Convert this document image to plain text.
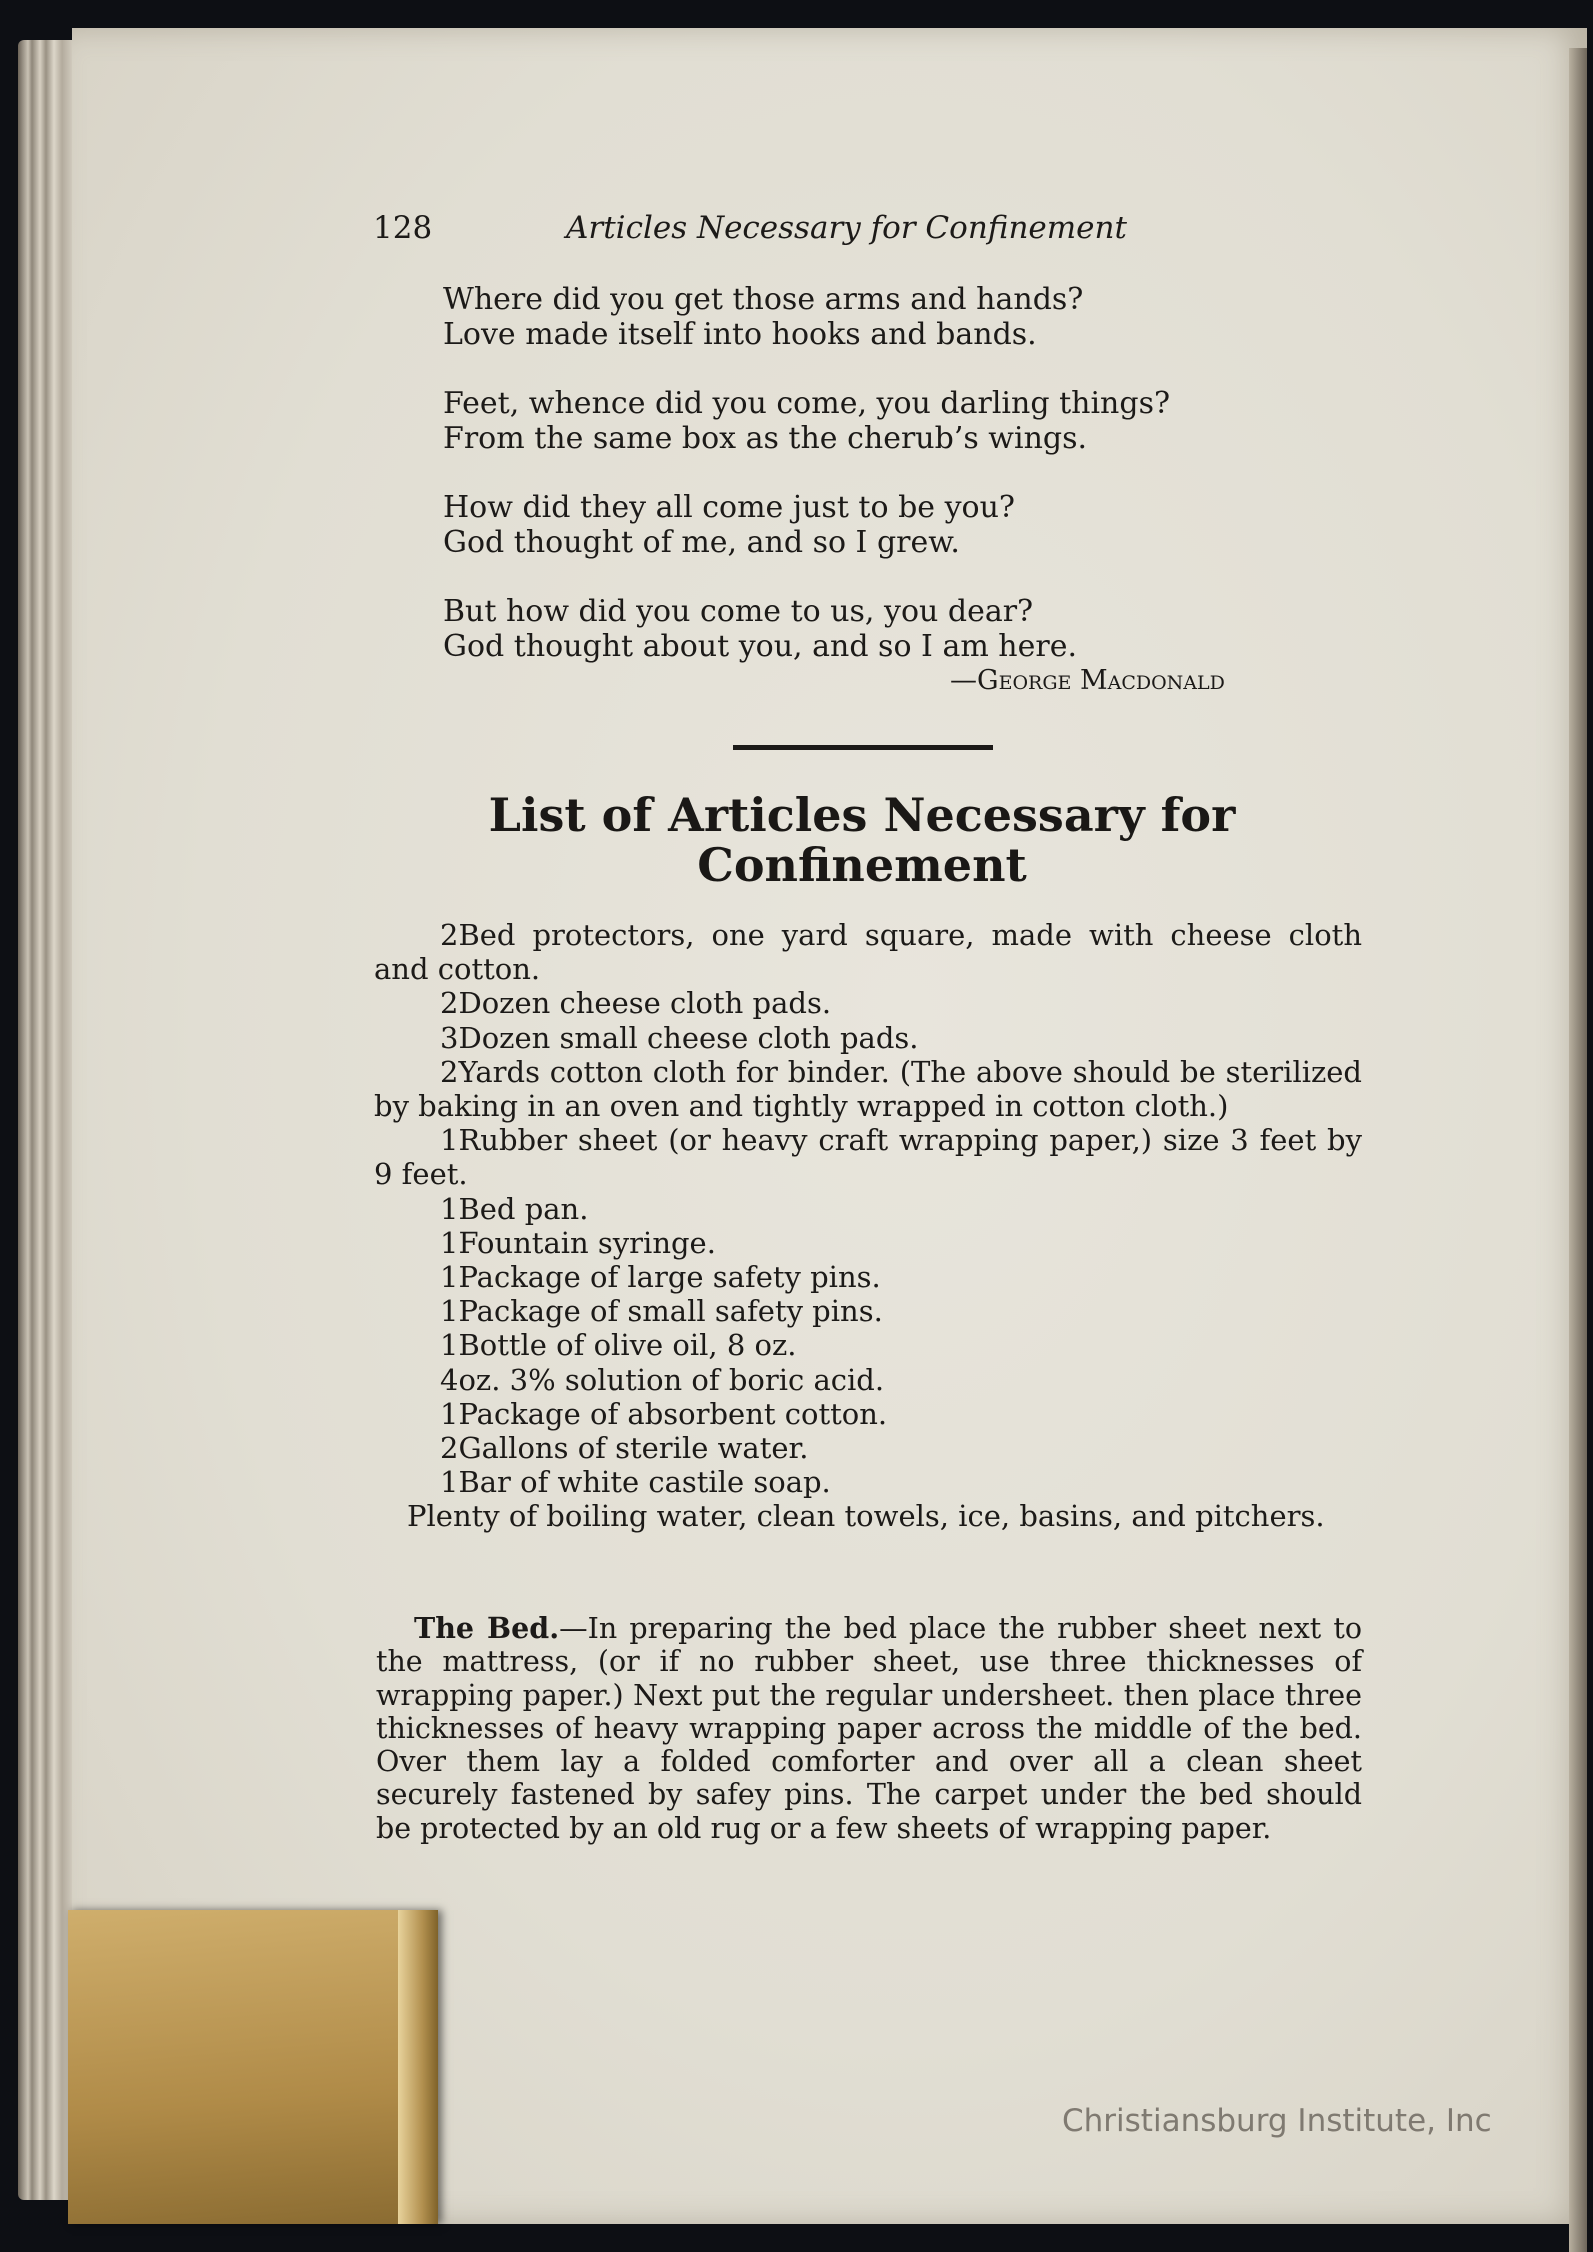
128	Articles Necessary for Confinement
Where did you get those arms and hands?
Love made itself into hooks and bands.
Feet, whence did you come, you darling things?
From the same box as the cherub’s wings.
How did they all come just to be you?
God thought of me, and so I grew.
But how did you come to us, you dear?
God thought about you, and so I am here.
—George Macdonald
List of Articles Necessary for
Confinement
2Bed protectors, one yard square, made with cheese cloth and cotton.
2Dozen cheese cloth pads.
3Dozen small cheese cloth pads.
2Yards cotton cloth for binder. (The above should be sterilized by baking in an oven and tightly wrapped in cotton cloth.)
1Rubber sheet (or heavy craft wrapping paper,) size 3 feet by 9 feet.
1Bed pan.
1Fountain syringe.
1Package of large safety pins.
1Package of small safety pins.
1Bottle of olive oil, 8 oz.
4oz. 3% solution of boric acid.
1Package of absorbent cotton.
2Gallons of sterile water.
1Bar of white castile soap.
Plenty of boiling water, clean towels, ice, basins, and pitchers.
The Bed.—In preparing the bed place the rubber sheet next to the mattress, (or if no rubber sheet, use three thicknesses of wrapping paper.) Next put the regular undersheet. then place three thicknesses of heavy wrapping paper across the middle of the bed. Over them lay a folded comforter and over all a clean sheet securely fastened by safey pins. The carpet under the bed should be protected by an old rug or a few sheets of wrapping paper.
Christiansburg Institute, Inc
